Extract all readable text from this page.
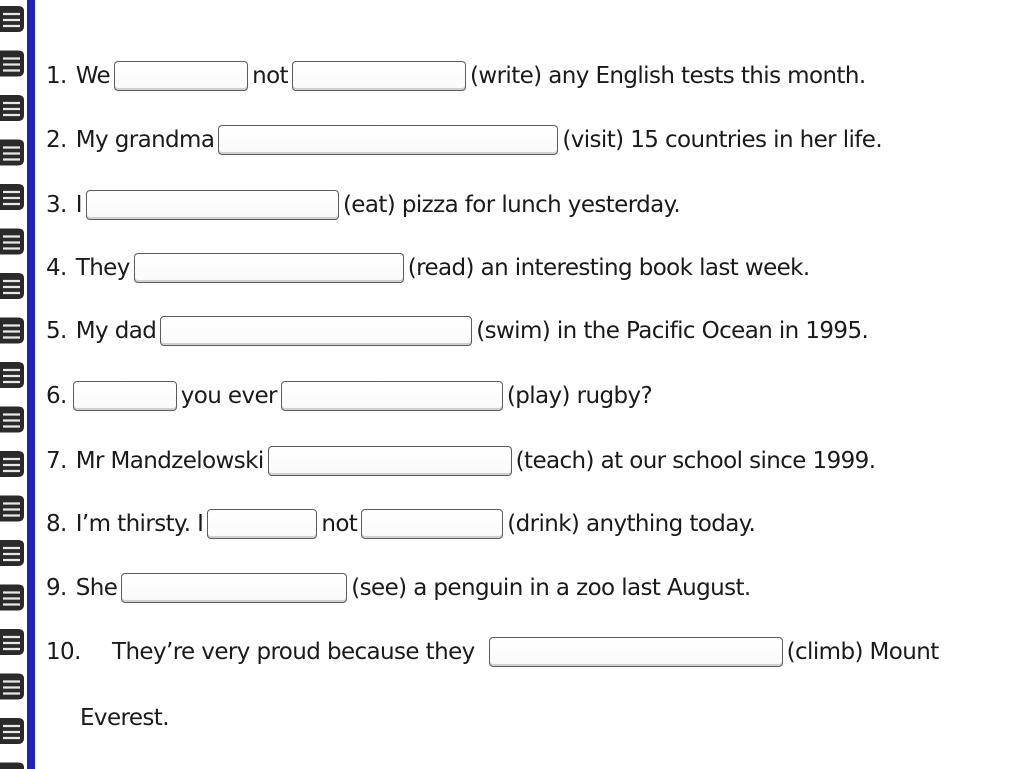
1. We	not	(write) any English tests this month.
2. My grandma	(visit) 15 countries in her life.
3. I	(eat) pizza for lunch yesterday.
4. They	(read) an interesting book last week.
5. My dad	(swim) in the Pacific Ocean in 1995.
6.	you ever	(play) rugby?
7. Mr Mandzelowski	(teach) at our school since 1999.
8. I’m thirsty. I	not	(drink) anything today.
9. She	(see) a penguin in a zoo last August.
10.	They’re very proud because they	(climb) Mount
Everest.
